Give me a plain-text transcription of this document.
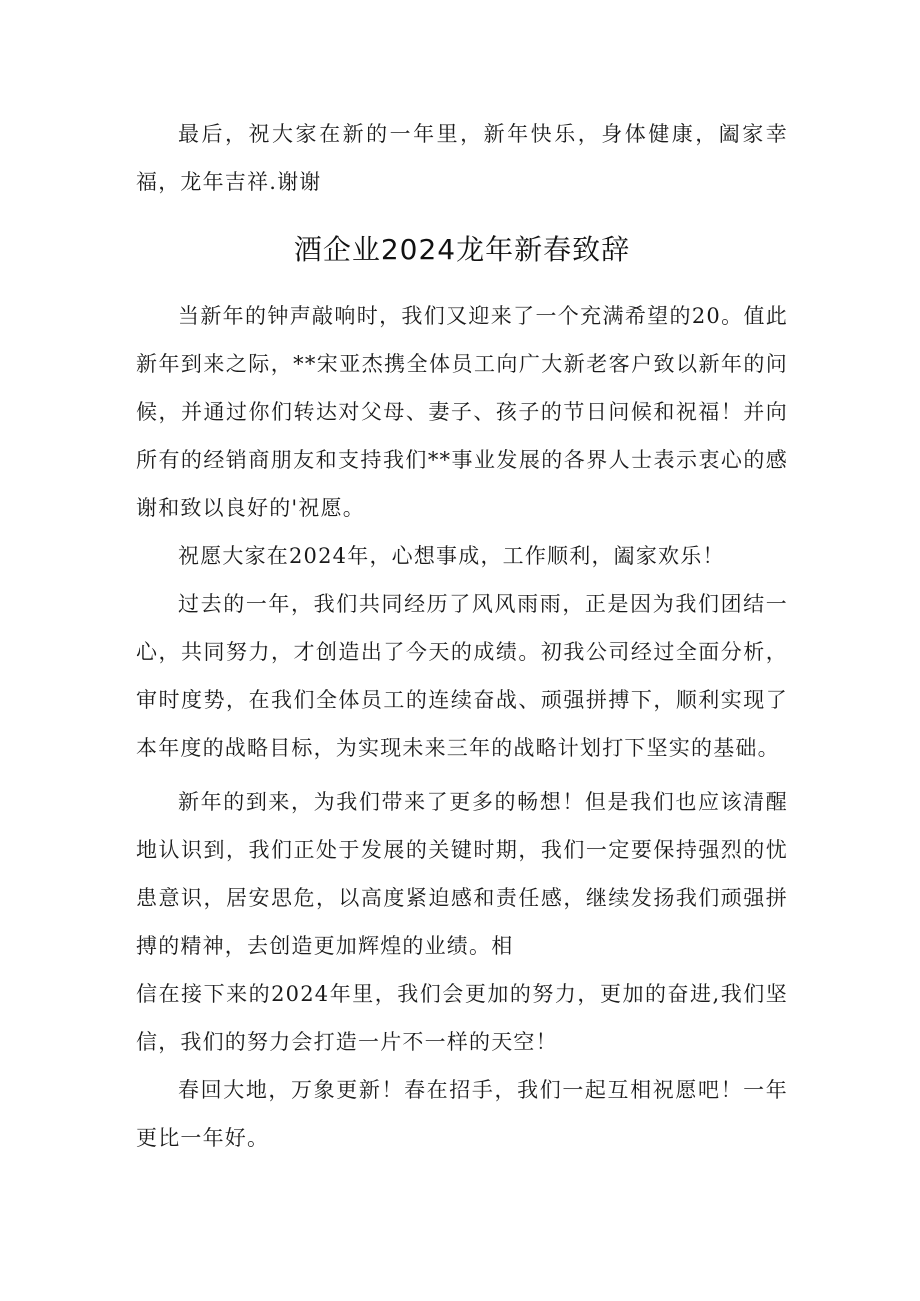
最后，祝大家在新的一年里，新年快乐，身体健康，阖家幸福，龙年吉祥.谢谢

酒企业2024龙年新春致辞

当新年的钟声敲响时，我们又迎来了一个充满希望的20。值此新年到来之际，**宋亚杰携全体员工向广大新老客户致以新年的问候，并通过你们转达对父母、妻子、孩子的节日问候和祝福！并向所有的经销商朋友和支持我们**事业发展的各界人士表示衷心的感谢和致以良好的'祝愿。

祝愿大家在2024年，心想事成，工作顺利，阖家欢乐！

过去的一年，我们共同经历了风风雨雨，正是因为我们团结一心，共同努力，才创造出了今天的成绩。初我公司经过全面分析，审时度势，在我们全体员工的连续奋战、顽强拼搏下，顺利实现了本年度的战略目标，为实现未来三年的战略计划打下坚实的基础。

新年的到来，为我们带来了更多的畅想！但是我们也应该清醒地认识到，我们正处于发展的关键时期，我们一定要保持强烈的忧患意识，居安思危，以高度紧迫感和责任感，继续发扬我们顽强拼搏的精神，去创造更加辉煌的业绩。相

信在接下来的2024年里，我们会更加的努力，更加的奋进,我们坚信，我们的努力会打造一片不一样的天空！

春回大地，万象更新！春在招手，我们一起互相祝愿吧！一年更比一年好。
